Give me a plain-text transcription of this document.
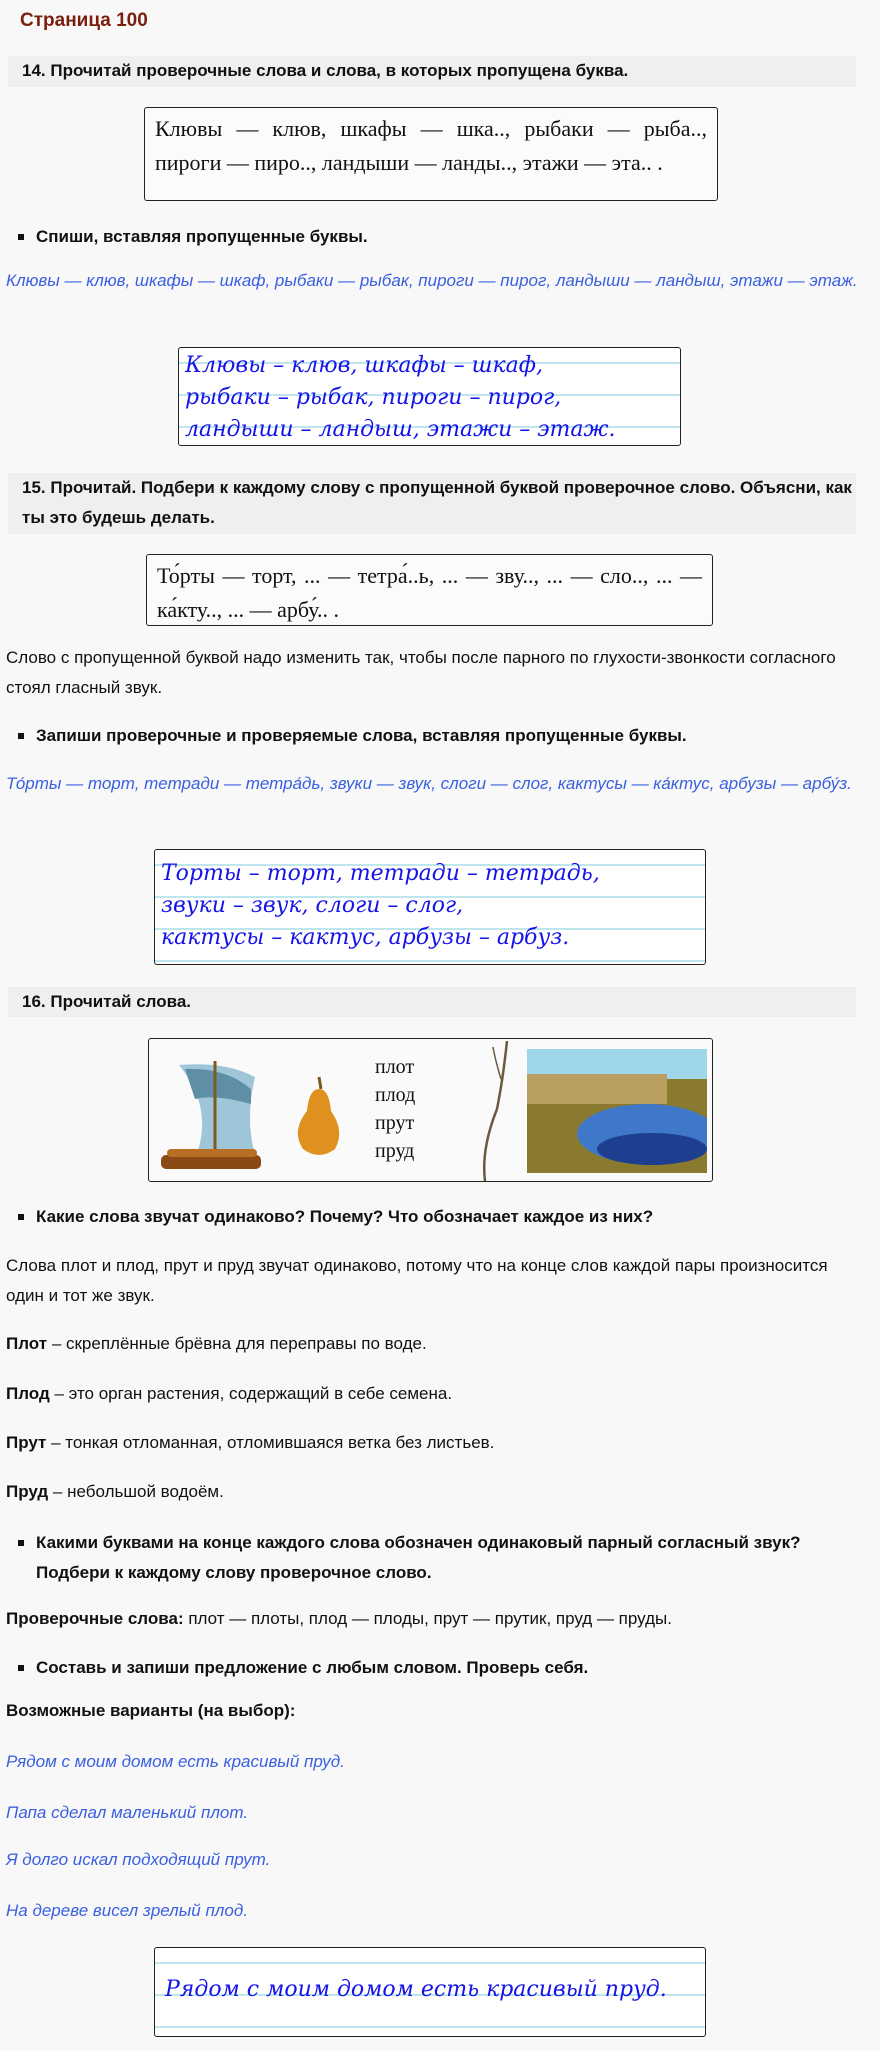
Страница 100
14. Прочитай проверочные слова и слова, в которых пропущена буква.
Клювы — клюв, шкафы — шка.., рыбаки — рыба.., пироги — пиро.., ландыши — ланды.., этажи — эта.. .
Спиши, вставляя пропущенные буквы.
Клювы — клюв, шкафы — шкаф, рыбаки — рыбак, пироги — пирог, ландыши — ландыш, этажи — этаж.
Клювы – клюв, шкафы – шкаф,
рыбаки – рыбак, пироги – пирог,
ландыши – ландыш, этажи – этаж.
15. Прочитай. Подбери к каждому слову с пропущенной буквой проверочное слово. Объясни, как ты это будешь делать.
То́рты — торт, ... — тетра́..ь, ... — зву.., ... — сло.., ... — ка́кту.., ... — арбу́.. .
Слово с пропущенной буквой надо изменить так, чтобы после парного по глухости-звонкости согласного стоял гласный звук.
Запиши проверочные и проверяемые слова, вставляя пропущенные буквы.
То́рты — торт, тетради — тетра́дь, звуки — звук, слоги — слог, кактусы — ка́ктус, арбузы — арбу́з.
Торты – торт, тетради – тетрадь,
звуки – звук, слоги – слог,
кактусы – кактус, арбузы – арбуз.
16. Прочитай слова.
плот
плод
прут
пруд
Какие слова звучат одинаково? Почему? Что обозначает каждое из них?
Слова плот и плод, прут и пруд звучат одинаково, потому что на конце слов каждой пары произносится один и тот же звук.
Плот – скреплённые брёвна для переправы по воде.
Плод – это орган растения, содержащий в себе семена.
Прут – тонкая отломанная, отломившаяся ветка без листьев.
Пруд – небольшой водоём.
Какими буквами на конце каждого слова обозначен одинаковый парный согласный звук? Подбери к каждому слову проверочное слово.
Проверочные слова: плот — плоты, плод — плоды, прут — прутик, пруд — пруды.
Составь и запиши предложение с любым словом. Проверь себя.
Возможные варианты (на выбор):
Рядом с моим домом есть красивый пруд.
Папа сделал маленький плот.
Я долго искал подходящий прут.
На дереве висел зрелый плод.
Рядом с моим домом есть красивый пруд.
